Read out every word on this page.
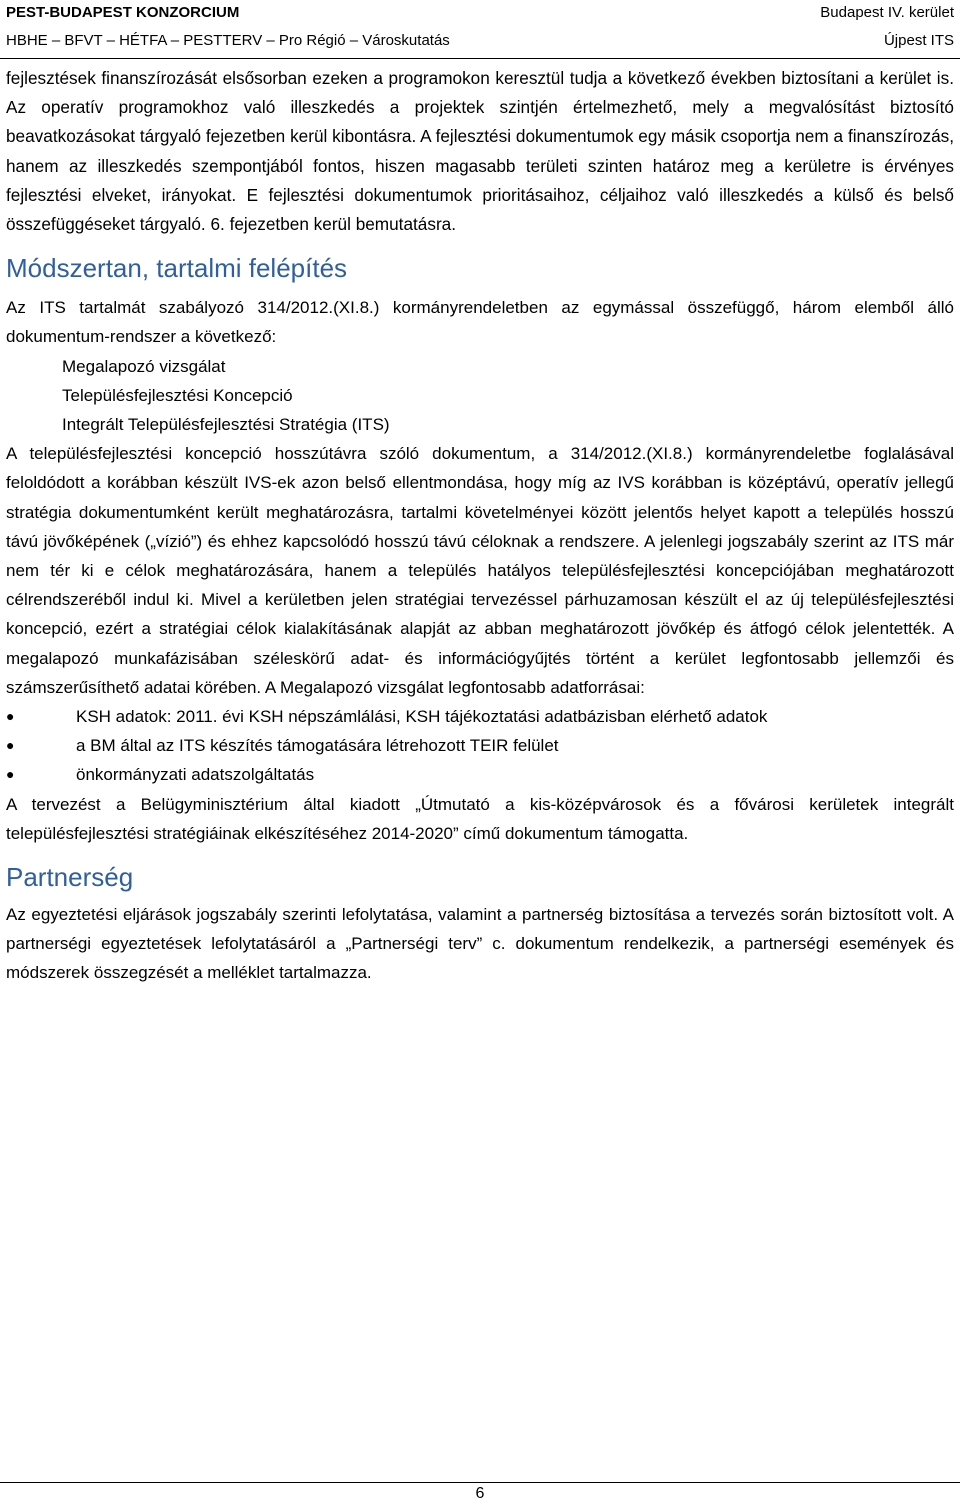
PEST-BUDAPEST KONZORCIUM	Budapest IV. kerület
HBHE – BFVT – HÉTFA – PESTTERV – Pro Régió – Városkutatás	Újpest ITS

fejlesztések finanszírozását elsősorban ezeken a programokon keresztül tudja a következő években biztosítani a kerület is. Az operatív programokhoz való illeszkedés a projektek szintjén értelmezhető, mely a megvalósítást biztosító beavatkozásokat tárgyaló fejezetben kerül kibontásra. A fejlesztési dokumentumok egy másik csoportja nem a finanszírozás, hanem az illeszkedés szempontjából fontos, hiszen magasabb területi szinten határoz meg a kerületre is érvényes fejlesztési elveket, irányokat. E fejlesztési dokumentumok prioritásaihoz, céljaihoz való illeszkedés a külső és belső összefüggéseket tárgyaló. 6. fejezetben kerül bemutatásra.

Módszertan, tartalmi felépítés

Az ITS tartalmát szabályozó 314/2012.(XI.8.) kormányrendeletben az egymással összefüggő, három elemből álló dokumentum-rendszer a következő:

Megalapozó vizsgálat
Településfejlesztési Koncepció
Integrált Településfejlesztési Stratégia (ITS)

A településfejlesztési koncepció hosszútávra szóló dokumentum, a 314/2012.(XI.8.) kormányrendeletbe foglalásával feloldódott a korábban készült IVS-ek azon belső ellentmondása, hogy míg az IVS korábban is középtávú, operatív jellegű stratégia dokumentumként került meghatározásra, tartalmi követelményei között jelentős helyet kapott a település hosszú távú jövőképének („vízió”) és ehhez kapcsolódó hosszú távú céloknak a rendszere. A jelenlegi jogszabály szerint az ITS már nem tér ki e célok meghatározására, hanem a település hatályos településfejlesztési koncepciójában meghatározott célrendszeréből indul ki. Mivel a kerületben jelen stratégiai tervezéssel párhuzamosan készült el az új településfejlesztési koncepció, ezért a stratégiai célok kialakításának alapját az abban meghatározott jövőkép és átfogó célok jelentették. A megalapozó munkafázisában széleskörű adat- és információgyűjtés történt a kerület legfontosabb jellemzői és számszerűsíthető adatai körében. A Megalapozó vizsgálat legfontosabb adatforrásai:

●	KSH adatok: 2011. évi KSH népszámlálási, KSH tájékoztatási adatbázisban elérhető adatok
●	a BM által az ITS készítés támogatására létrehozott TEIR felület
●	önkormányzati adatszolgáltatás

A tervezést a Belügyminisztérium által kiadott „Útmutató a kis-középvárosok és a fővárosi kerületek integrált településfejlesztési stratégiáinak elkészítéséhez 2014-2020” című dokumentum támogatta.

Partnerség

Az egyeztetési eljárások jogszabály szerinti lefolytatása, valamint a partnerség biztosítása a tervezés során biztosított volt. A partnerségi egyeztetések lefolytatásáról a „Partnerségi terv” c. dokumentum rendelkezik, a partnerségi események és módszerek összegzését a melléklet tartalmazza.

6
